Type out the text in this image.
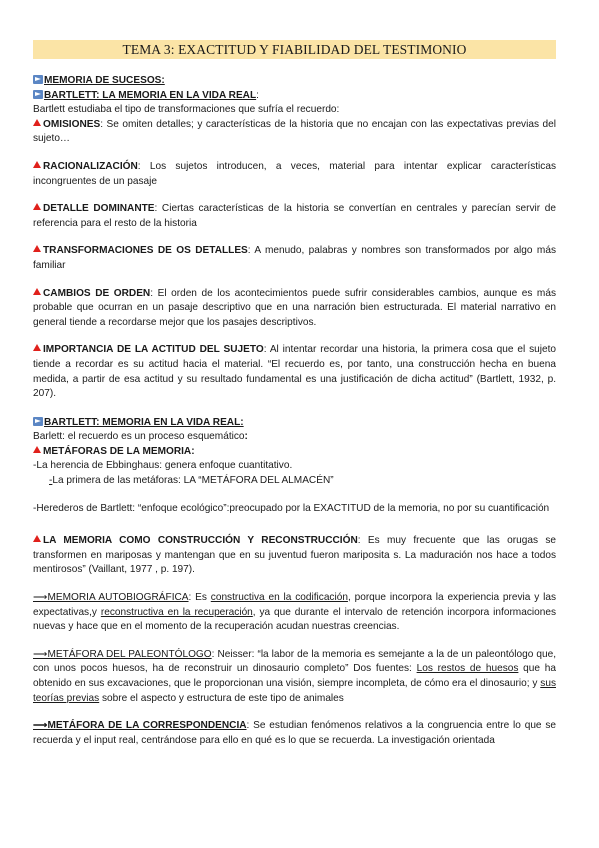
TEMA 3: EXACTITUD Y FIABILIDAD DEL TESTIMONIO
MEMORIA DE SUCESOS:
BARTLETT: LA MEMORIA EN LA VIDA REAL:
Bartlett estudiaba el tipo de transformaciones que sufría el recuerdo:
OMISIONES: Se omiten detalles; y características de la historia que no encajan con las expectativas previas del sujeto…
RACIONALIZACIÓN: Los sujetos introducen, a veces, material para intentar explicar características incongruentes de un pasaje
DETALLE DOMINANTE: Ciertas características de la historia se convertían en centrales y parecían servir de referencia para el resto de la historia
TRANSFORMACIONES DE OS DETALLES: A menudo, palabras y nombres son transformados por algo más familiar
CAMBIOS DE ORDEN: El orden de los acontecimientos puede sufrir considerables cambios, aunque es más probable que ocurran en un pasaje descriptivo que en una narración bien estructurada. El material narrativo en general tiende a recordarse mejor que los pasajes descriptivos.
IMPORTANCIA DE LA ACTITUD DEL SUJETO: Al intentar recordar una historia, la primera cosa que el sujeto tiende a recordar es su actitud hacia el material. “El recuerdo es, por tanto, una construcción hecha en buena medida, a partir de esa actitud y su resultado fundamental es una justificación de dicha actitud” (Bartlett, 1932, p. 207).
BARTLETT: MEMORIA EN LA VIDA REAL:
Barlett: el recuerdo es un proceso esquemático:
METÁFORAS DE LA MEMORIA:
-La herencia de Ebbinghaus: genera enfoque cuantitativo.
-La primera de las metáforas: LA “METÁFORA DEL ALMACÉN”
-Herederos de Bartlett: “enfoque ecológico”:preocupado por la EXACTITUD de la memoria, no por su cuantificación
LA MEMORIA COMO CONSTRUCCIÓN Y RECONSTRUCCIÓN: Es muy frecuente que las orugas se transformen en mariposas y mantengan que en su juventud fueron mariposita s. La maduración nos hace a todos mentirosos” (Vaillant, 1977 , p. 197).
⟶MEMORIA AUTOBIOGRÁFICA: Es constructiva en la codificación, porque incorpora la experiencia previa y las expectativas,y reconstructiva en la recuperación, ya que durante el intervalo de retención incorpora informaciones nuevas y hace que en el momento de la recuperación acudan nuestras creencias.
⟶METÁFORA DEL PALEONTÓLOGO: Neisser: “la labor de la memoria es semejante a la de un paleontólogo que, con unos pocos huesos, ha de reconstruir un dinosaurio completo” Dos fuentes: Los restos de huesos que ha obtenido en sus excavaciones, que le proporcionan una visión, siempre incompleta, de cómo era el dinosaurio; y sus teorías previas sobre el aspecto y estructura de este tipo de animales
⟶METÁFORA DE LA CORRESPONDENCIA: Se estudian fenómenos relativos a la congruencia entre lo que se recuerda y el input real, centrándose para ello en qué es lo que se recuerda. La investigación orientada
